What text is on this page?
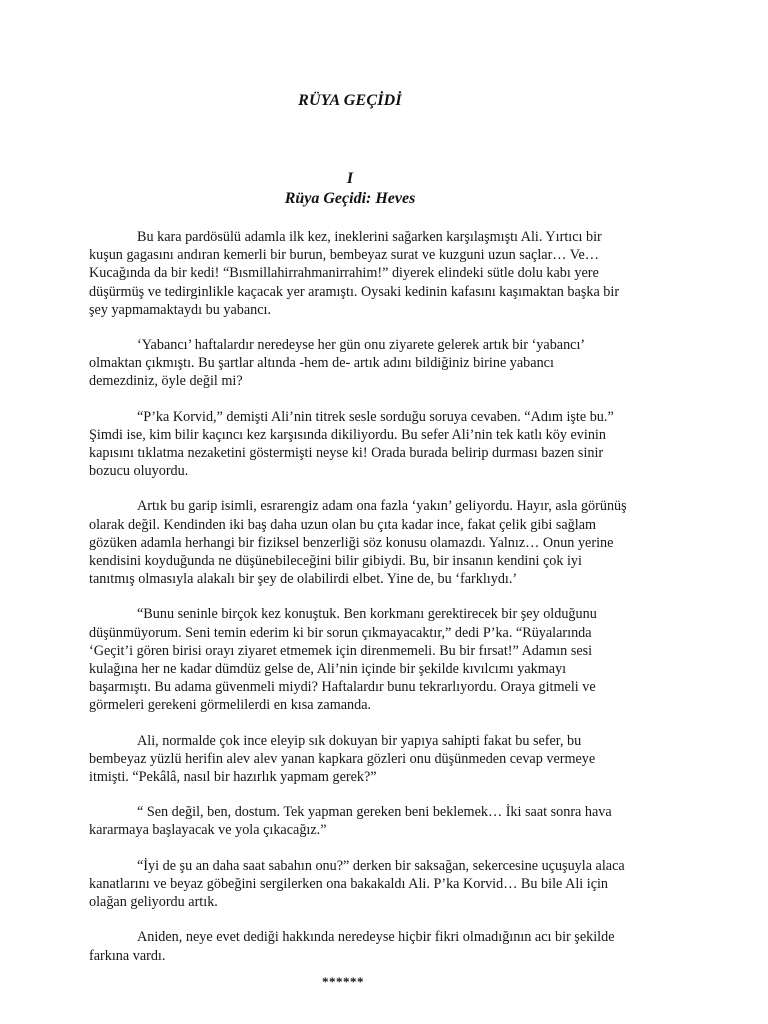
RÜYA GEÇİDİ
I
Rüya Geçidi: Heves

Bu kara pardösülü adamla ilk kez, ineklerini sağarken karşılaşmıştı Ali. Yırtıcı bir
kuşun gagasını andıran kemerli bir burun, bembeyaz surat ve kuzguni uzun saçlar… Ve…
Kucağında da bir kedi! “Bısmillahirrahmanirrahim!” diyerek elindeki sütle dolu kabı yere
düşürmüş ve tedirginlikle kaçacak yer aramıştı. Oysaki kedinin kafasını kaşımaktan başka bir
şey yapmamaktaydı bu yabancı.

‘Yabancı’ haftalardır neredeyse her gün onu ziyarete gelerek artık bir ‘yabancı’
olmaktan çıkmıştı. Bu şartlar altında -hem de- artık adını bildiğiniz birine yabancı
demezdiniz, öyle değil mi?

“P’ka Korvid,” demişti Ali’nin titrek sesle sorduğu soruya cevaben. “Adım işte bu.”
Şimdi ise, kim bilir kaçıncı kez karşısında dikiliyordu. Bu sefer Ali’nin tek katlı köy evinin
kapısını tıklatma nezaketini göstermişti neyse ki! Orada burada belirip durması bazen sinir
bozucu oluyordu.

Artık bu garip isimli, esrarengiz adam ona fazla ‘yakın’ geliyordu. Hayır, asla görünüş
olarak değil. Kendinden iki baş daha uzun olan bu çıta kadar ince, fakat çelik gibi sağlam
gözüken adamla herhangi bir fiziksel benzerliği söz konusu olamazdı. Yalnız… Onun yerine
kendisini koyduğunda ne düşünebileceğini bilir gibiydi. Bu, bir insanın kendini çok iyi
tanıtmış olmasıyla alakalı bir şey de olabilirdi elbet. Yine de, bu ‘farklıydı.’

“Bunu seninle birçok kez konuştuk. Ben korkmanı gerektirecek bir şey olduğunu
düşünmüyorum. Seni temin ederim ki bir sorun çıkmayacaktır,” dedi P’ka. “Rüyalarında
‘Geçit’i gören birisi orayı ziyaret etmemek için direnmemeli. Bu bir fırsat!” Adamın sesi
kulağına her ne kadar dümdüz gelse de, Ali’nin içinde bir şekilde kıvılcımı yakmayı
başarmıştı. Bu adama güvenmeli miydi? Haftalardır bunu tekrarlıyordu. Oraya gitmeli ve
görmeleri gerekeni görmelilerdi en kısa zamanda.

Ali, normalde çok ince eleyip sık dokuyan bir yapıya sahipti fakat bu sefer, bu
bembeyaz yüzlü herifin alev alev yanan kapkara gözleri onu düşünmeden cevap vermeye
itmişti. “Pekâlâ, nasıl bir hazırlık yapmam gerek?”

“ Sen değil, ben, dostum. Tek yapman gereken beni beklemek… İki saat sonra hava
kararmaya başlayacak ve yola çıkacağız.”

“İyi de şu an daha saat sabahın onu?” derken bir saksağan, sekercesine uçuşuyla alaca
kanatlarını ve beyaz göbeğini sergilerken ona bakakaldı Ali. P’ka Korvid… Bu bile Ali için
olağan geliyordu artık.

Aniden, neye evet dediği hakkında neredeyse hiçbir fikri olmadığının acı bir şekilde
farkına vardı.

******
